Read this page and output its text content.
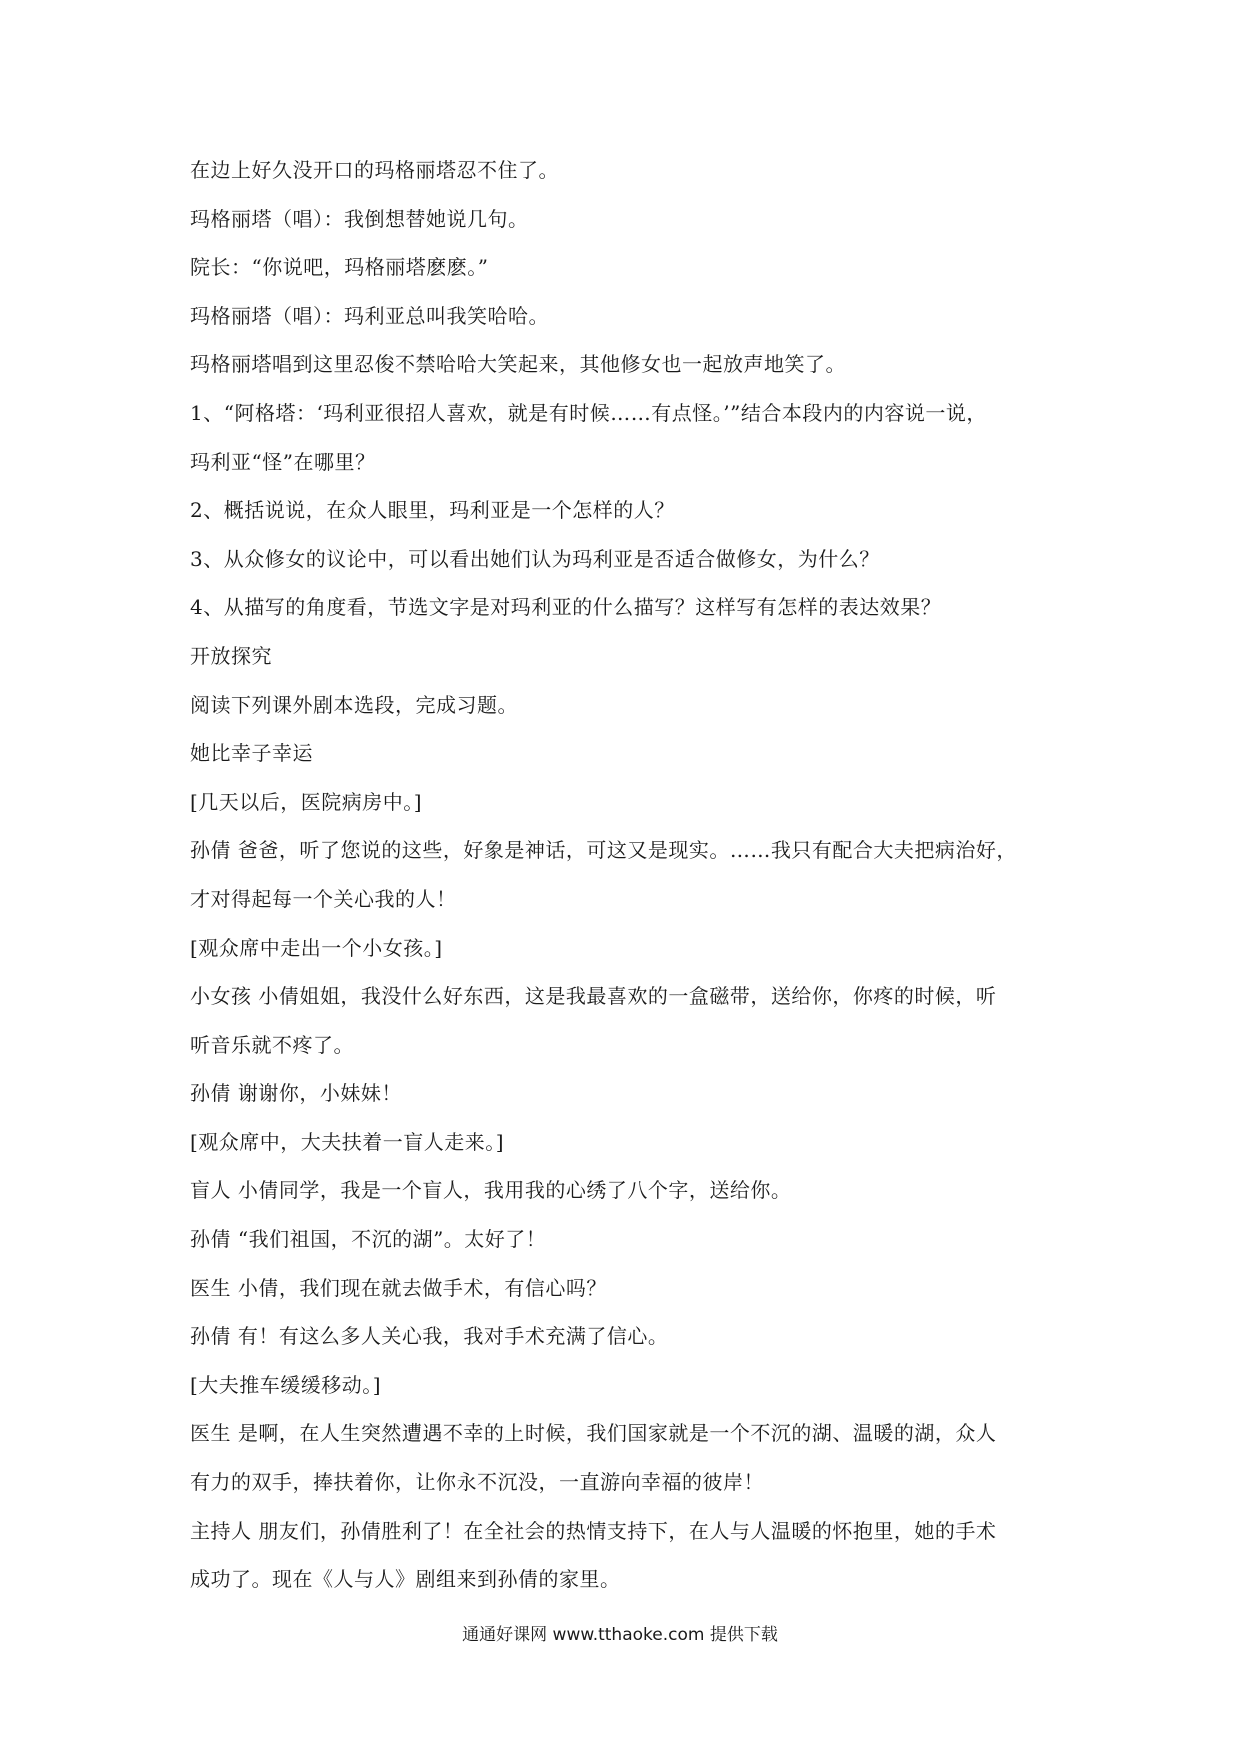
在边上好久没开口的玛格丽塔忍不住了。
玛格丽塔（唱）：我倒想替她说几句。
院长：“你说吧，玛格丽塔麽麽。”
玛格丽塔（唱）：玛利亚总叫我笑哈哈。
玛格丽塔唱到这里忍俊不禁哈哈大笑起来，其他修女也一起放声地笑了。
1、“阿格塔：‘玛利亚很招人喜欢，就是有时候……有点怪。’”结合本段内的内容说一说，
玛利亚“怪”在哪里？
2、概括说说，在众人眼里，玛利亚是一个怎样的人？
3、从众修女的议论中，可以看出她们认为玛利亚是否适合做修女，为什么？
4、从描写的角度看，节选文字是对玛利亚的什么描写？这样写有怎样的表达效果？
开放探究
阅读下列课外剧本选段，完成习题。
她比幸子幸运
[几天以后，医院病房中。]
孙倩 爸爸，听了您说的这些，好象是神话，可这又是现实。……我只有配合大夫把病治好，
才对得起每一个关心我的人！
[观众席中走出一个小女孩。]
小女孩 小倩姐姐，我没什么好东西，这是我最喜欢的一盒磁带，送给你，你疼的时候，听
听音乐就不疼了。
孙倩 谢谢你，小妹妹！
[观众席中，大夫扶着一盲人走来。]
盲人 小倩同学，我是一个盲人，我用我的心绣了八个字，送给你。
孙倩 “我们祖国，不沉的湖”。太好了！
医生 小倩，我们现在就去做手术，有信心吗？
孙倩 有！有这么多人关心我，我对手术充满了信心。
[大夫推车缓缓移动。]
医生 是啊，在人生突然遭遇不幸的上时候，我们国家就是一个不沉的湖、温暖的湖，众人
有力的双手，捧扶着你，让你永不沉没，一直游向幸福的彼岸！
主持人 朋友们，孙倩胜利了！在全社会的热情支持下，在人与人温暖的怀抱里，她的手术
成功了。现在《人与人》剧组来到孙倩的家里。
通通好课网 www.tthaoke.com 提供下载
